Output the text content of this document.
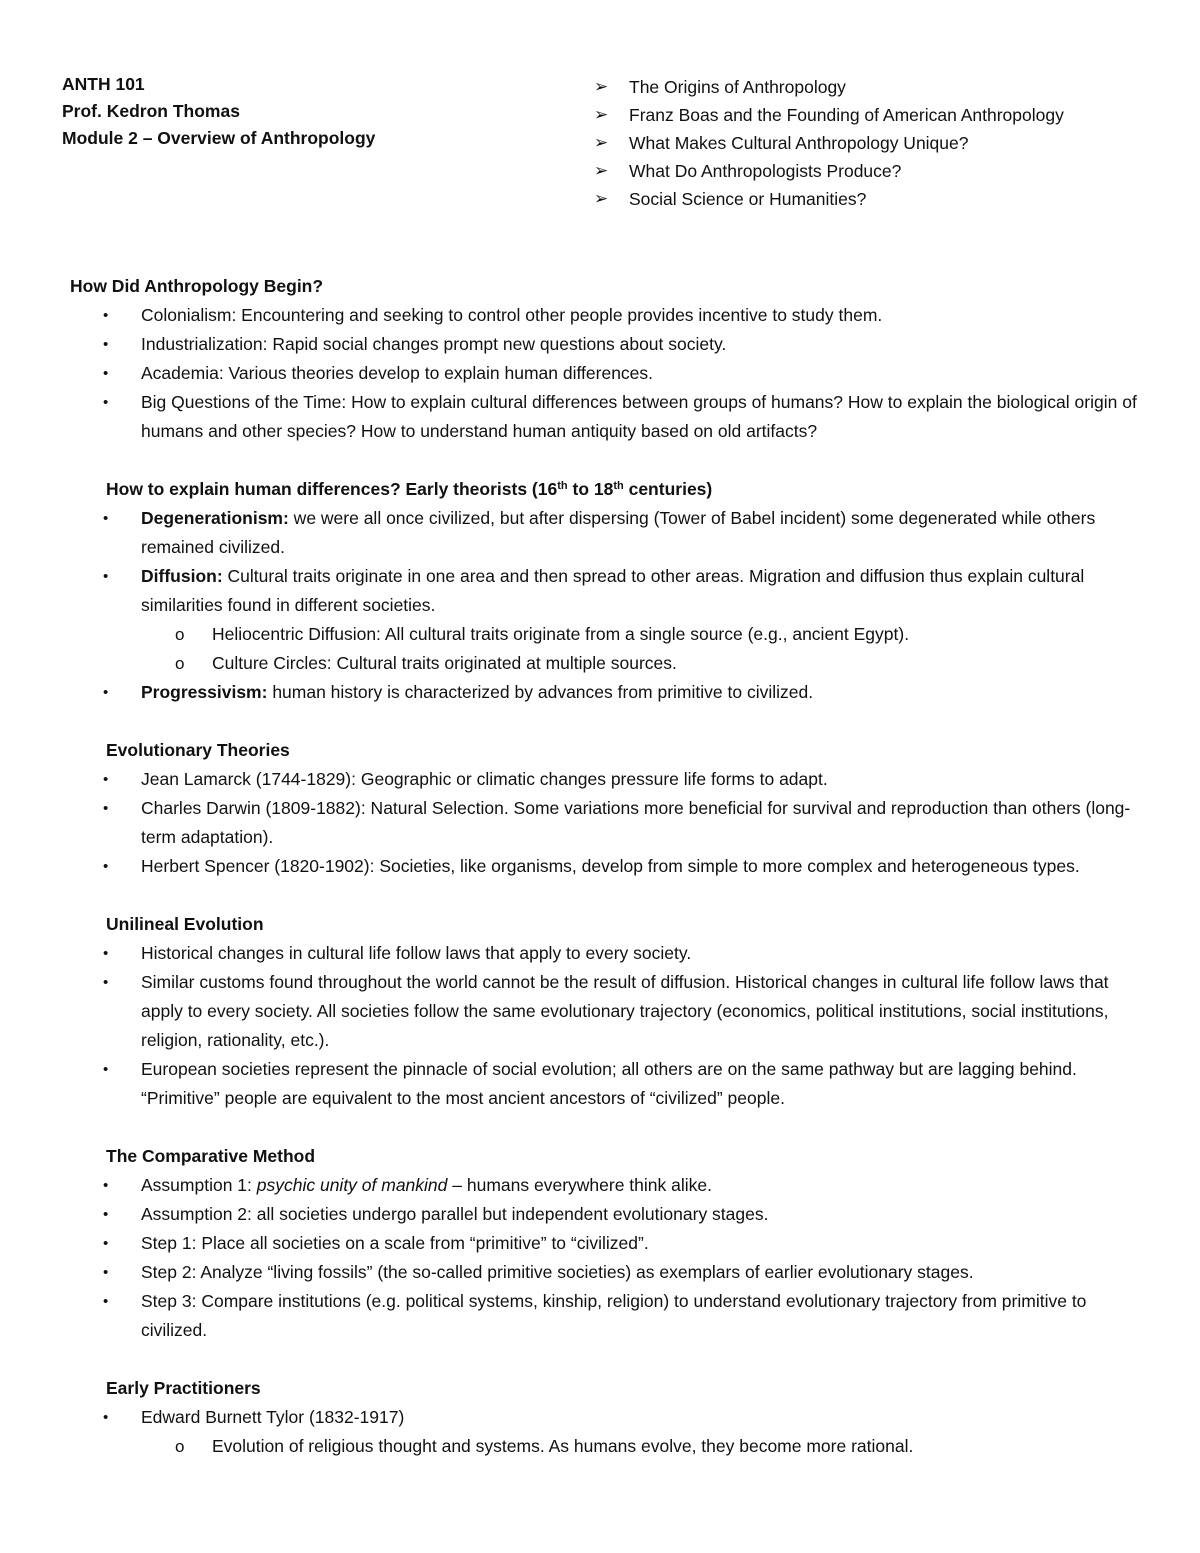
ANTH 101
Prof. Kedron Thomas
Module 2 – Overview of Anthropology
➢	The Origins of Anthropology
➢	Franz Boas and the Founding of American Anthropology
➢	What Makes Cultural Anthropology Unique?
➢	What Do Anthropologists Produce?
➢	Social Science or Humanities?
How Did Anthropology Begin?
• Colonialism: Encountering and seeking to control other people provides incentive to study them.
• Industrialization: Rapid social changes prompt new questions about society.
• Academia: Various theories develop to explain human differences.
• Big Questions of the Time: How to explain cultural differences between groups of humans? How to explain the biological origin of humans and other species? How to understand human antiquity based on old artifacts?
How to explain human differences? Early theorists (16th to 18th centuries)
• Degenerationism: we were all once civilized, but after dispersing (Tower of Babel incident) some degenerated while others remained civilized.
• Diffusion: Cultural traits originate in one area and then spread to other areas. Migration and diffusion thus explain cultural similarities found in different societies.
o Heliocentric Diffusion: All cultural traits originate from a single source (e.g., ancient Egypt).
o Culture Circles: Cultural traits originated at multiple sources.
• Progressivism: human history is characterized by advances from primitive to civilized.
Evolutionary Theories
• Jean Lamarck (1744-1829): Geographic or climatic changes pressure life forms to adapt.
• Charles Darwin (1809-1882): Natural Selection. Some variations more beneficial for survival and reproduction than others (long-term adaptation).
• Herbert Spencer (1820-1902): Societies, like organisms, develop from simple to more complex and heterogeneous types.
Unilineal Evolution
• Historical changes in cultural life follow laws that apply to every society.
• Similar customs found throughout the world cannot be the result of diffusion. Historical changes in cultural life follow laws that apply to every society. All societies follow the same evolutionary trajectory (economics, political institutions, social institutions, religion, rationality, etc.).
• European societies represent the pinnacle of social evolution; all others are on the same pathway but are lagging behind. “Primitive” people are equivalent to the most ancient ancestors of “civilized” people.
The Comparative Method
• Assumption 1: psychic unity of mankind – humans everywhere think alike.
• Assumption 2: all societies undergo parallel but independent evolutionary stages.
• Step 1: Place all societies on a scale from “primitive” to “civilized”.
• Step 2: Analyze “living fossils” (the so-called primitive societies) as exemplars of earlier evolutionary stages.
• Step 3: Compare institutions (e.g. political systems, kinship, religion) to understand evolutionary trajectory from primitive to civilized.
Early Practitioners
• Edward Burnett Tylor (1832-1917)
o Evolution of religious thought and systems. As humans evolve, they become more rational.
